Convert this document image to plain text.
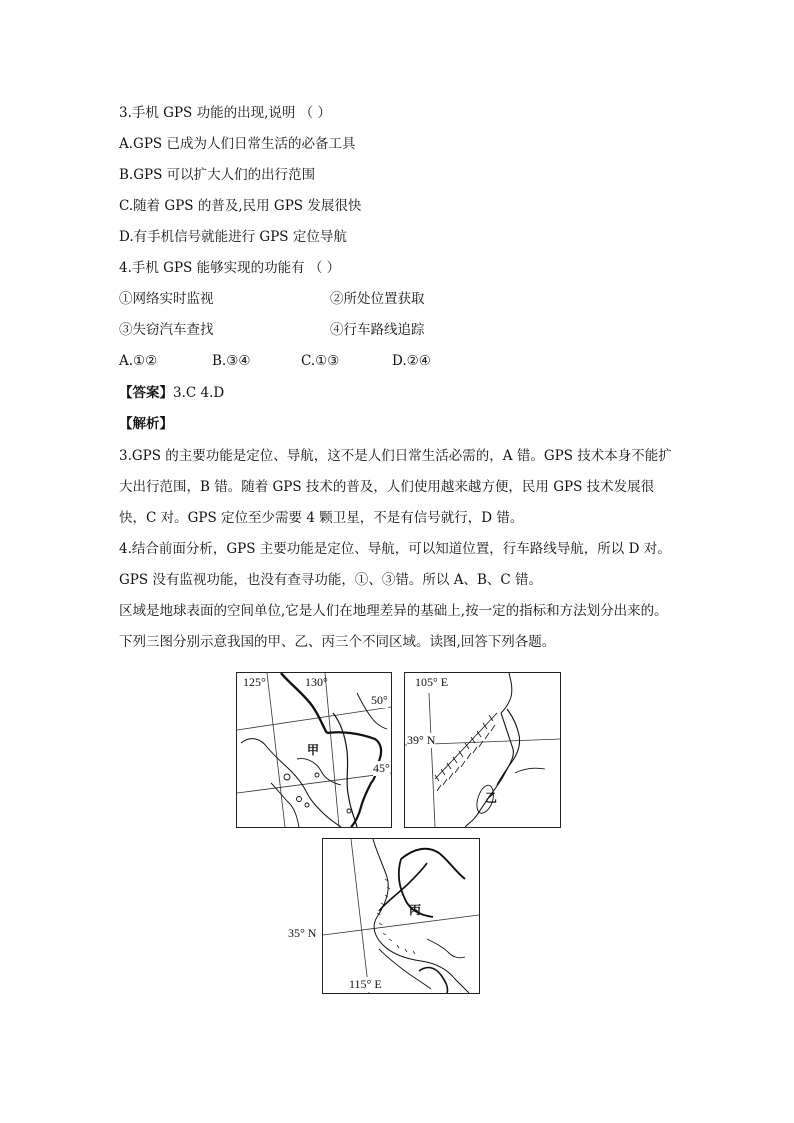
3.手机 GPS 功能的出现,说明 （ ）
A.GPS 已成为人们日常生活的必备工具
B.GPS 可以扩大人们的出行范围
C.随着 GPS 的普及,民用 GPS 发展很快
D.有手机信号就能进行 GPS 定位导航
4.手机 GPS 能够实现的功能有 （ ）
①网络实时监视	②所处位置获取
③失窃汽车查找	④行车路线追踪
A.①②	B.③④	C.①③	D.②④
【答案】3.C 4.D
【解析】
3.GPS 的主要功能是定位、导航，这不是人们日常生活必需的，A 错。GPS 技术本身不能扩大出行范围，B 错。随着 GPS 技术的普及，人们使用越来越方便，民用 GPS 技术发展很快，C 对。GPS 定位至少需要 4 颗卫星，不是有信号就行，D 错。
4.结合前面分析，GPS 主要功能是定位、导航，可以知道位置，行车路线导航，所以 D 对。GPS 没有监视功能，也没有查寻功能，①、③错。所以 A、B、C 错。
区域是地球表面的空间单位,它是人们在地理差异的基础上,按一定的指标和方法划分出来的。下列三图分别示意我国的甲、乙、丙三个不同区域。读图,回答下列各题。
125°	130°
50°
45°
甲
105° E
39° N
乙
丙
115° E
35° N
